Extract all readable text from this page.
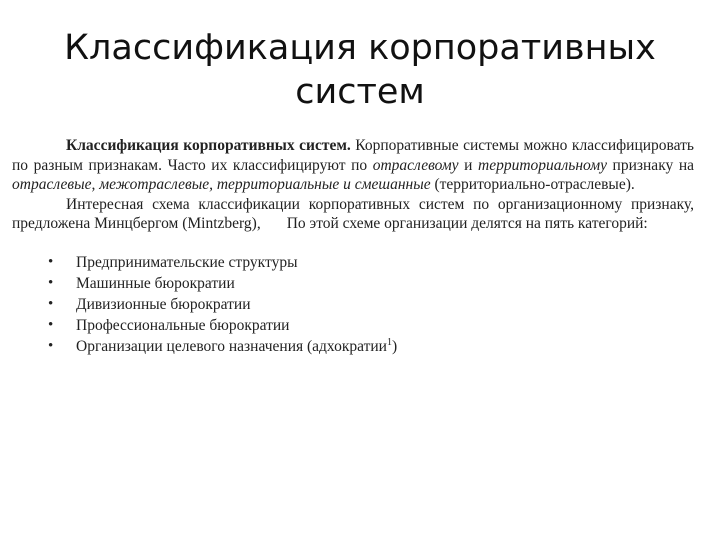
Классификация корпоративных
систем

Классификация корпоративных систем. Корпоративные системы можно классифицировать по разным признакам. Часто их классифицируют по отраслевому и территориальному признаку на отраслевые, межотраслевые, территориальные и смешанные (территориально-отраслевые).

Интересная схема классификации корпоративных систем по организационному признаку, предложена Минцбергом (Mintzberg), По этой схеме организации делятся на пять категорий:

• Предпринимательские структуры
• Машинные бюрократии
• Дивизионные бюрократии
• Профессиональные бюрократии
• Организации целевого назначения (адхократии$^1$)
